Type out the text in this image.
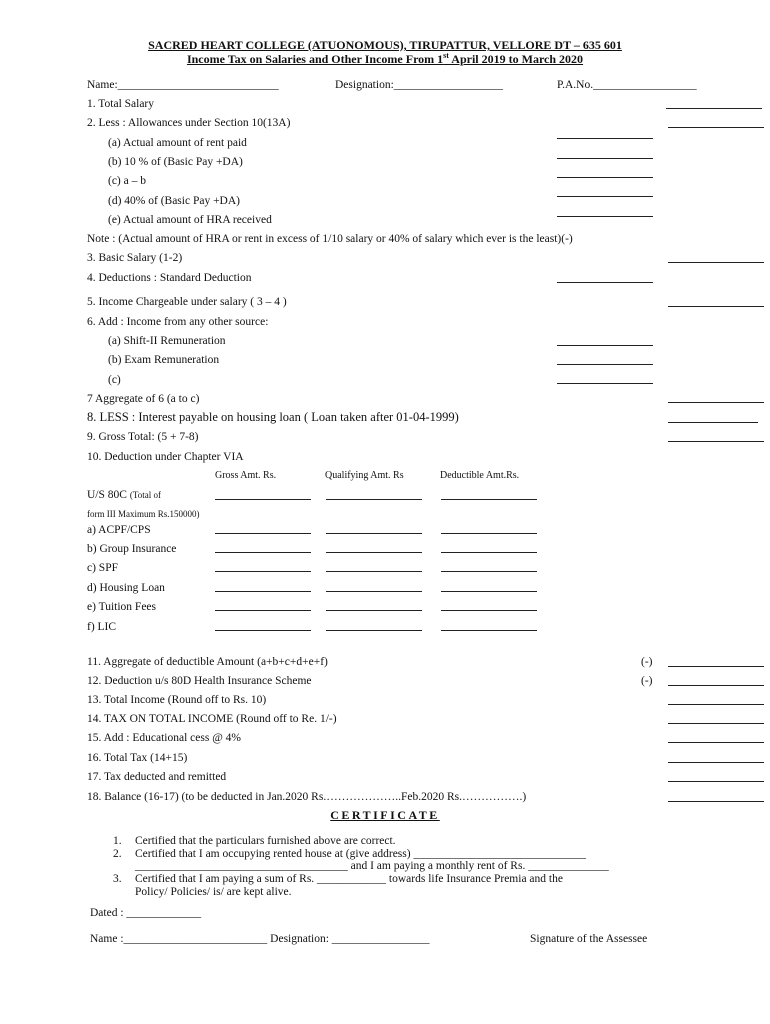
SACRED HEART COLLEGE (ATUONOMOUS), TIRUPATTUR, VELLORE DT – 635 601
Income Tax on Salaries and Other Income From 1st April 2019 to March 2020
Name:____________________________	Designation:___________________	P.A.No.__________________
1. Total Salary
2. Less : Allowances under Section 10(13A)
(a) Actual amount of rent paid
(b) 10 % of (Basic Pay +DA)
(c) a – b
(d) 40% of (Basic Pay +DA)
(e) Actual amount of HRA received
Note : (Actual amount of HRA or rent in excess of 1/10 salary or 40% of salary which ever is the least)(-)
3. Basic Salary (1-2)
4. Deductions : Standard Deduction
5. Income Chargeable under salary ( 3 – 4 )
6. Add : Income from any other source:
(a) Shift-II Remuneration
(b) Exam Remuneration
(c)
7 Aggregate of 6 (a to c)
8. LESS : Interest payable on housing loan ( Loan taken after 01-04-1999)
9. Gross Total: (5 + 7-8)
10. Deduction under Chapter VIA
Gross Amt. Rs.	Qualifying Amt. Rs	Deductible Amt.Rs.
U/S 80C (Total of
form III Maximum Rs.150000)
a) ACPF/CPS
b) Group Insurance
c) SPF
d) Housing Loan
e) Tuition Fees
f) LIC
11. Aggregate of deductible Amount (a+b+c+d+e+f)	(-)
12. Deduction u/s 80D Health Insurance Scheme	(-)
13. Total Income (Round off to Rs. 10)
14. TAX ON TOTAL INCOME (Round off to Re. 1/-)
15. Add : Educational cess @ 4%
16. Total Tax (14+15)
17. Tax deducted and remitted
18. Balance (16-17) (to be deducted in Jan.2020 Rs.………………..Feb.2020 Rs.…………….)
CERTIFICATE
1. Certified that the particulars furnished above are correct.
2. Certified that I am occupying rented house at (give address) ______________________________
_____________________________________ and I am paying a monthly rent of Rs. ______________
3. Certified that I am paying a sum of Rs. ____________ towards life Insurance Premia and the
Policy/ Policies/ is/ are kept alive.
Dated : _____________
Name :_________________________ Designation: _________________	Signature of the Assessee
